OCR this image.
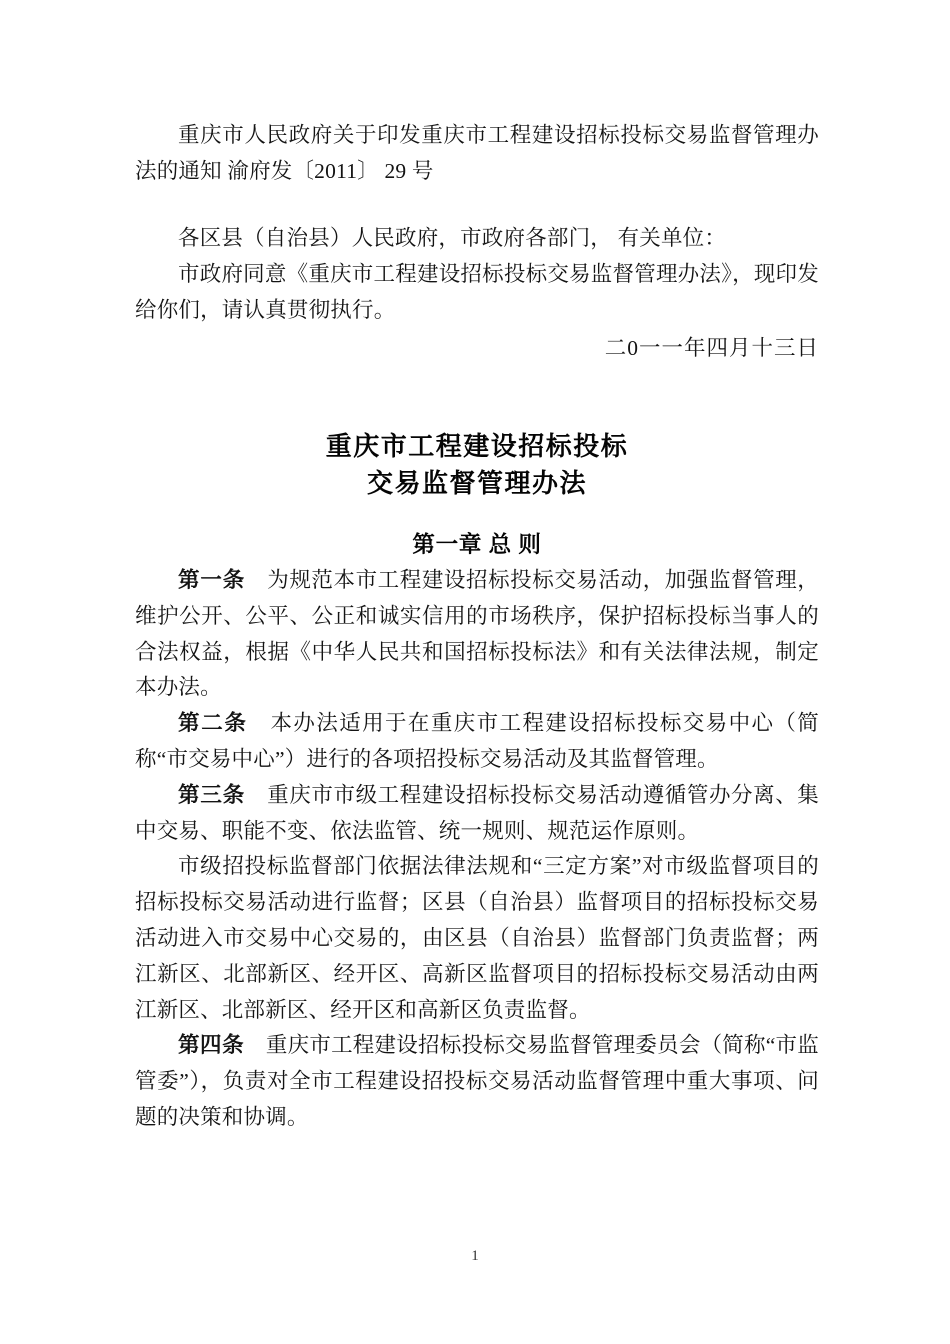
重庆市人民政府关于印发重庆市工程建设招标投标交易监督管理办法的通知 渝府发〔2011〕 29 号

各区县（自治县）人民政府，市政府各部门， 有关单位：

市政府同意《重庆市工程建设招标投标交易监督管理办法》，现印发给你们，请认真贯彻执行。

二0一一年四月十三日
重庆市工程建设招标投标
交易监督管理办法
第一章 总 则

第一条　 为规范本市工程建设招标投标交易活动，加强监督管理，维护公开、公平、公正和诚实信用的市场秩序，保护招标投标当事人的合法权益，根据《中华人民共和国招标投标法》和有关法律法规，制定本办法。

第二条　 本办法适用于在重庆市工程建设招标投标交易中心（简称“市交易中心”）进行的各项招投标交易活动及其监督管理。

第三条　 重庆市市级工程建设招标投标交易活动遵循管办分离、集中交易、职能不变、依法监管、统一规则、规范运作原则。

市级招投标监督部门依据法律法规和“三定方案”对市级监督项目的招标投标交易活动进行监督；区县（自治县）监督项目的招标投标交易活动进入市交易中心交易的，由区县（自治县）监督部门负责监督；两江新区、北部新区、经开区、高新区监督项目的招标投标交易活动由两江新区、北部新区、经开区和高新区负责监督。

第四条　 重庆市工程建设招标投标交易监督管理委员会（简称“市监管委”），负责对全市工程建设招投标交易活动监督管理中重大事项、问题的决策和协调。

1
